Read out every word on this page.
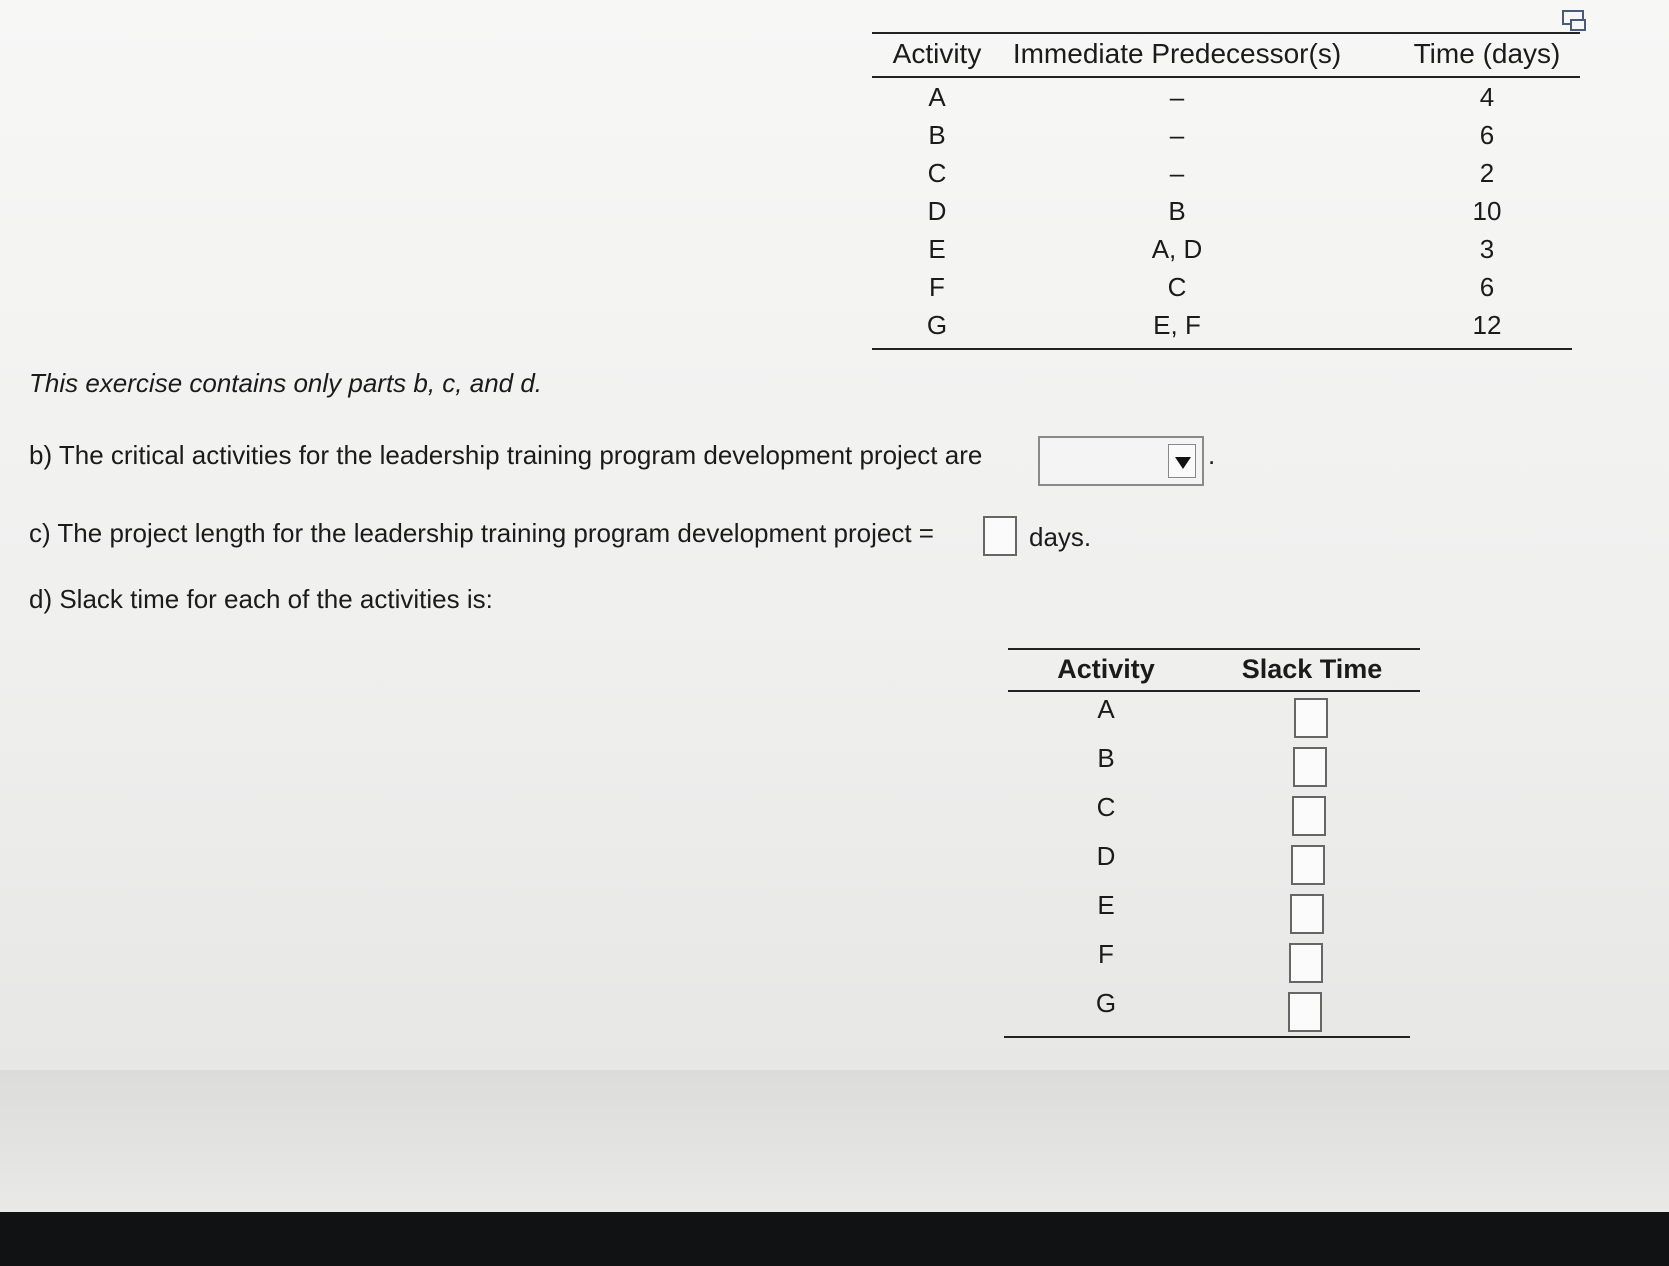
Activity	Immediate Predecessor(s)	Time (days)
A	–	4
B	–	6
C	–	2
D	B	10
E	A, D	3
F	C	6
G	E, F	12
This exercise contains only parts b, c, and d.
b) The critical activities for the leadership training program development project are	.
c) The project length for the leadership training program development project =	days.
d) Slack time for each of the activities is:
Activity	Slack Time
A
B
C
D
E
F
G
